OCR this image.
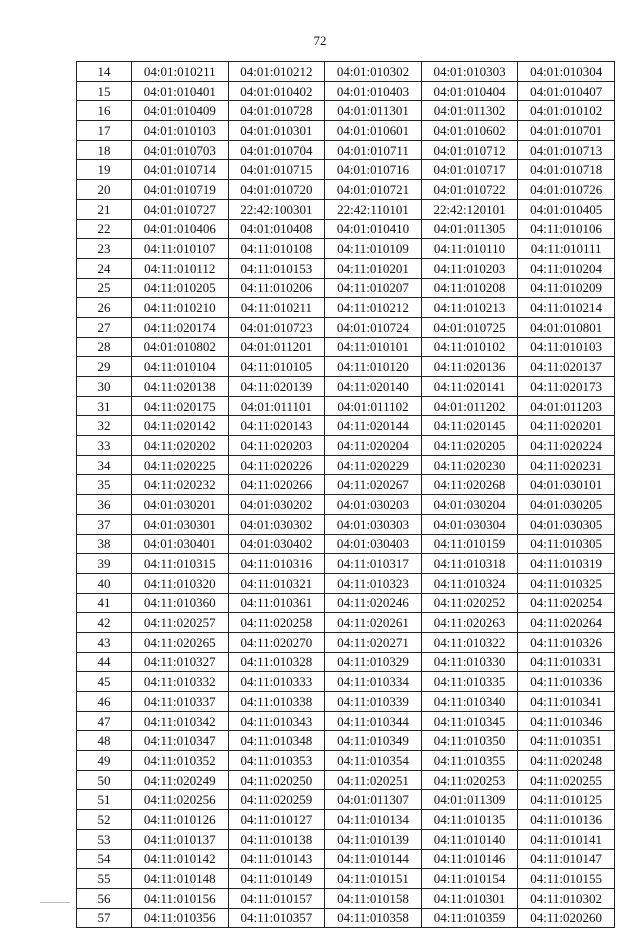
72
14	04:01:010211	04:01:010212	04:01:010302	04:01:010303	04:01:010304
15	04:01:010401	04:01:010402	04:01:010403	04:01:010404	04:01:010407
16	04:01:010409	04:01:010728	04:01:011301	04:01:011302	04:01:010102
17	04:01:010103	04:01:010301	04:01:010601	04:01:010602	04:01:010701
18	04:01:010703	04:01:010704	04:01:010711	04:01:010712	04:01:010713
19	04:01:010714	04:01:010715	04:01:010716	04:01:010717	04:01:010718
20	04:01:010719	04:01:010720	04:01:010721	04:01:010722	04:01:010726
21	04:01:010727	22:42:100301	22:42:110101	22:42:120101	04:01:010405
22	04:01:010406	04:01:010408	04:01:010410	04:01:011305	04:11:010106
23	04:11:010107	04:11:010108	04:11:010109	04:11:010110	04:11:010111
24	04:11:010112	04:11:010153	04:11:010201	04:11:010203	04:11:010204
25	04:11:010205	04:11:010206	04:11:010207	04:11:010208	04:11:010209
26	04:11:010210	04:11:010211	04:11:010212	04:11:010213	04:11:010214
27	04:11:020174	04:01:010723	04:01:010724	04:01:010725	04:01:010801
28	04:01:010802	04:01:011201	04:11:010101	04:11:010102	04:11:010103
29	04:11:010104	04:11:010105	04:11:010120	04:11:020136	04:11:020137
30	04:11:020138	04:11:020139	04:11:020140	04:11:020141	04:11:020173
31	04:11:020175	04:01:011101	04:01:011102	04:01:011202	04:01:011203
32	04:11:020142	04:11:020143	04:11:020144	04:11:020145	04:11:020201
33	04:11:020202	04:11:020203	04:11:020204	04:11:020205	04:11:020224
34	04:11:020225	04:11:020226	04:11:020229	04:11:020230	04:11:020231
35	04:11:020232	04:11:020266	04:11:020267	04:11:020268	04:01:030101
36	04:01:030201	04:01:030202	04:01:030203	04:01:030204	04:01:030205
37	04:01:030301	04:01:030302	04:01:030303	04:01:030304	04:01:030305
38	04:01:030401	04:01:030402	04:01:030403	04:11:010159	04:11:010305
39	04:11:010315	04:11:010316	04:11:010317	04:11:010318	04:11:010319
40	04:11:010320	04:11:010321	04:11:010323	04:11:010324	04:11:010325
41	04:11:010360	04:11:010361	04:11:020246	04:11:020252	04:11:020254
42	04:11:020257	04:11:020258	04:11:020261	04:11:020263	04:11:020264
43	04:11:020265	04:11:020270	04:11:020271	04:11:010322	04:11:010326
44	04:11:010327	04:11:010328	04:11:010329	04:11:010330	04:11:010331
45	04:11:010332	04:11:010333	04:11:010334	04:11:010335	04:11:010336
46	04:11:010337	04:11:010338	04:11:010339	04:11:010340	04:11:010341
47	04:11:010342	04:11:010343	04:11:010344	04:11:010345	04:11:010346
48	04:11:010347	04:11:010348	04:11:010349	04:11:010350	04:11:010351
49	04:11:010352	04:11:010353	04:11:010354	04:11:010355	04:11:020248
50	04:11:020249	04:11:020250	04:11:020251	04:11:020253	04:11:020255
51	04:11:020256	04:11:020259	04:01:011307	04:01:011309	04:11:010125
52	04:11:010126	04:11:010127	04:11:010134	04:11:010135	04:11:010136
53	04:11:010137	04:11:010138	04:11:010139	04:11:010140	04:11:010141
54	04:11:010142	04:11:010143	04:11:010144	04:11:010146	04:11:010147
55	04:11:010148	04:11:010149	04:11:010151	04:11:010154	04:11:010155
56	04:11:010156	04:11:010157	04:11:010158	04:11:010301	04:11:010302
57	04:11:010356	04:11:010357	04:11:010358	04:11:010359	04:11:020260
